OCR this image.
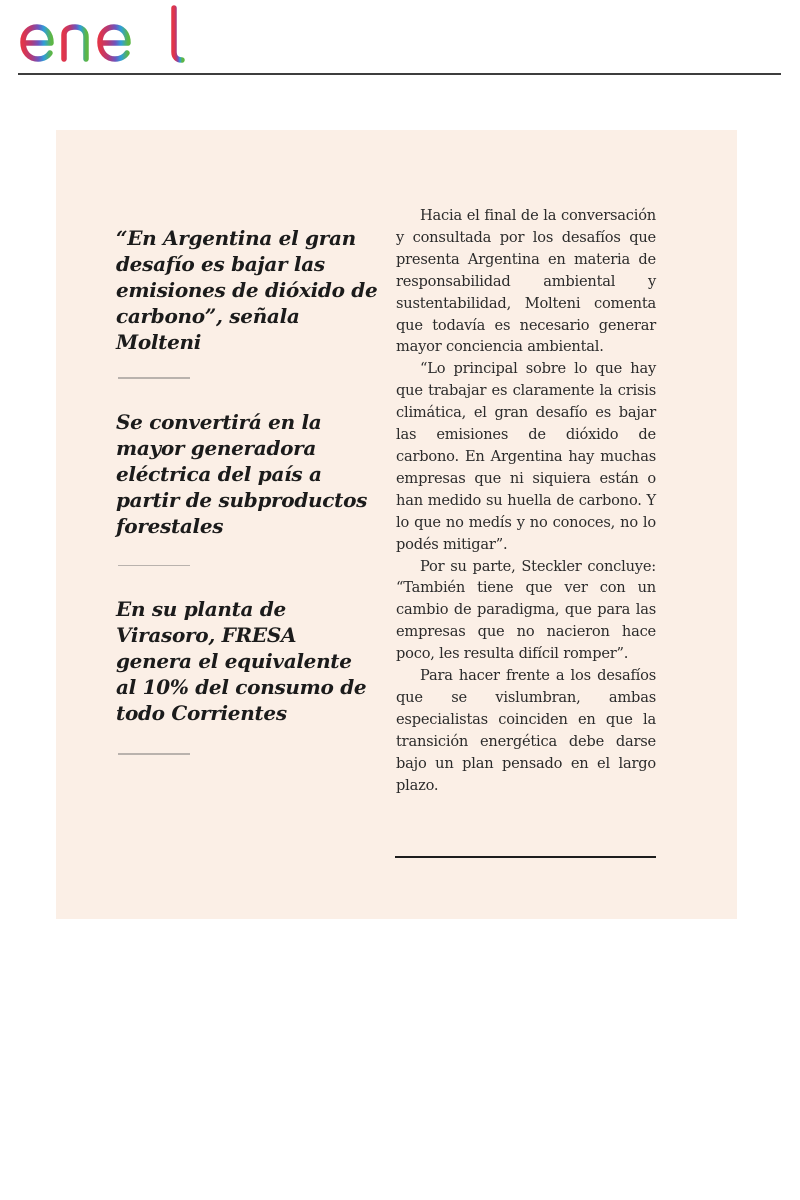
“En Argentina el gran desafío es bajar las emisiones de dióxido de carbono”, señala Molteni

Se convertirá en la mayor generadora eléctrica del país a partir de subproductos forestales

En su planta de Virasoro, FRESA genera el equivalente al 10% del consumo de todo Corrientes

Hacia el final de la conversación y consultada por los desafíos que presenta Argentina en materia de responsabilidad ambiental y sustentabilidad, Molteni comenta que todavía es necesario generar mayor conciencia ambiental.

“Lo principal sobre lo que hay que trabajar es claramente la crisis climática, el gran desafío es bajar las emisiones de dióxido de carbono. En Argentina hay muchas empresas que ni siquiera están o han medido su huella de carbono. Y lo que no medís y no conoces, no lo podés mitigar”.

Por su parte, Steckler concluye: “También tiene que ver con un cambio de paradigma, que para las empresas que no nacieron hace poco, les resulta difícil romper”.

Para hacer frente a los desafíos que se vislumbran, ambas especialistas coinciden en que la transición energética debe darse bajo un plan pensado en el largo plazo.
